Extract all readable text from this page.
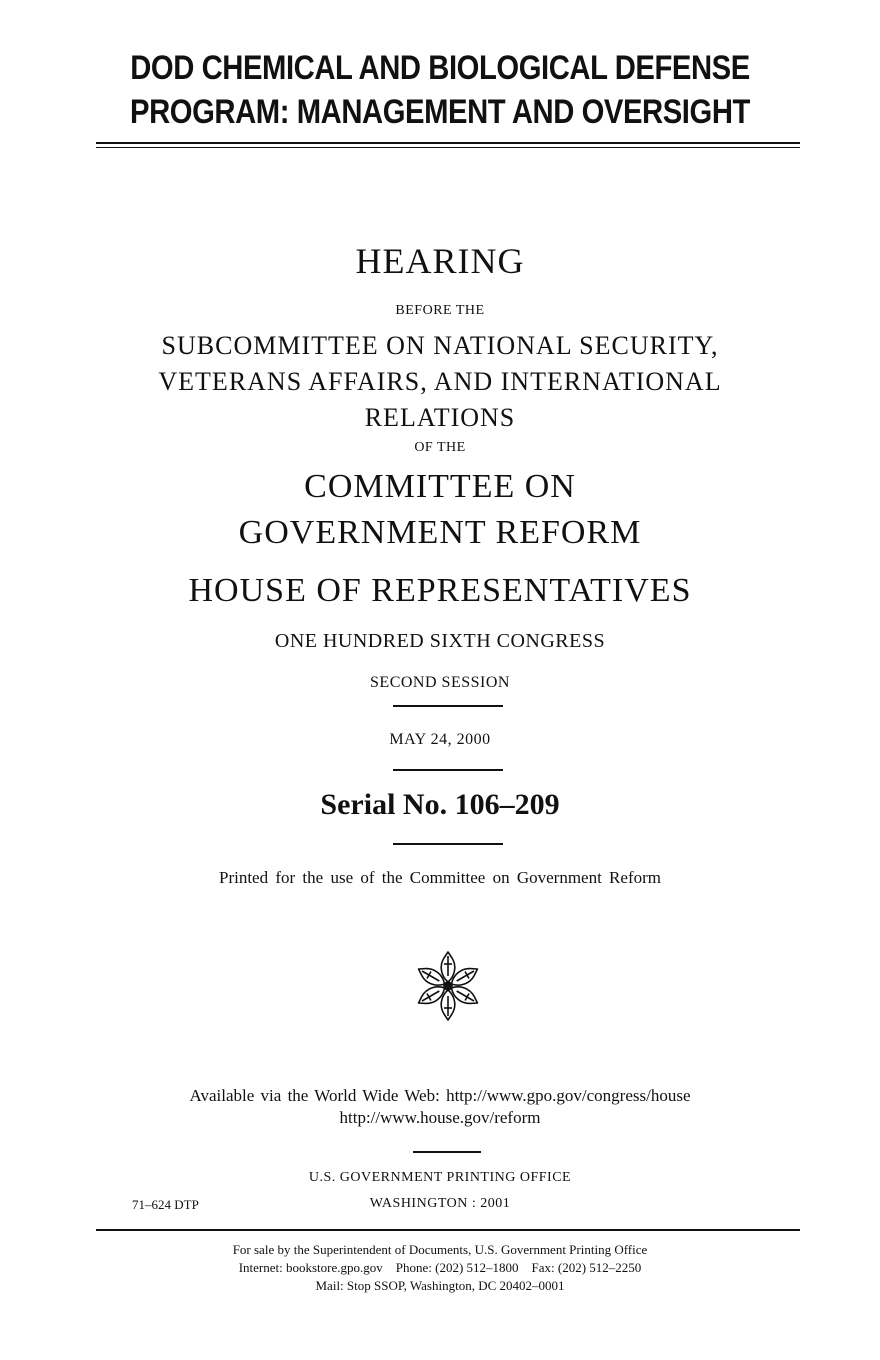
DOD CHEMICAL AND BIOLOGICAL DEFENSE
PROGRAM: MANAGEMENT AND OVERSIGHT
HEARING
BEFORE THE
SUBCOMMITTEE ON NATIONAL SECURITY,
VETERANS AFFAIRS, AND INTERNATIONAL
RELATIONS
OF THE
COMMITTEE ON
GOVERNMENT REFORM
HOUSE OF REPRESENTATIVES
ONE HUNDRED SIXTH CONGRESS
SECOND SESSION
MAY 24, 2000
Serial No. 106–209
Printed for the use of the Committee on Government Reform
Available via the World Wide Web: http://www.gpo.gov/congress/house
http://www.house.gov/reform
U.S. GOVERNMENT PRINTING OFFICE
71–624 DTP	WASHINGTON : 2001
For sale by the Superintendent of Documents, U.S. Government Printing Office
Internet: bookstore.gpo.gov    Phone: (202) 512–1800    Fax: (202) 512–2250
Mail: Stop SSOP, Washington, DC 20402–0001
